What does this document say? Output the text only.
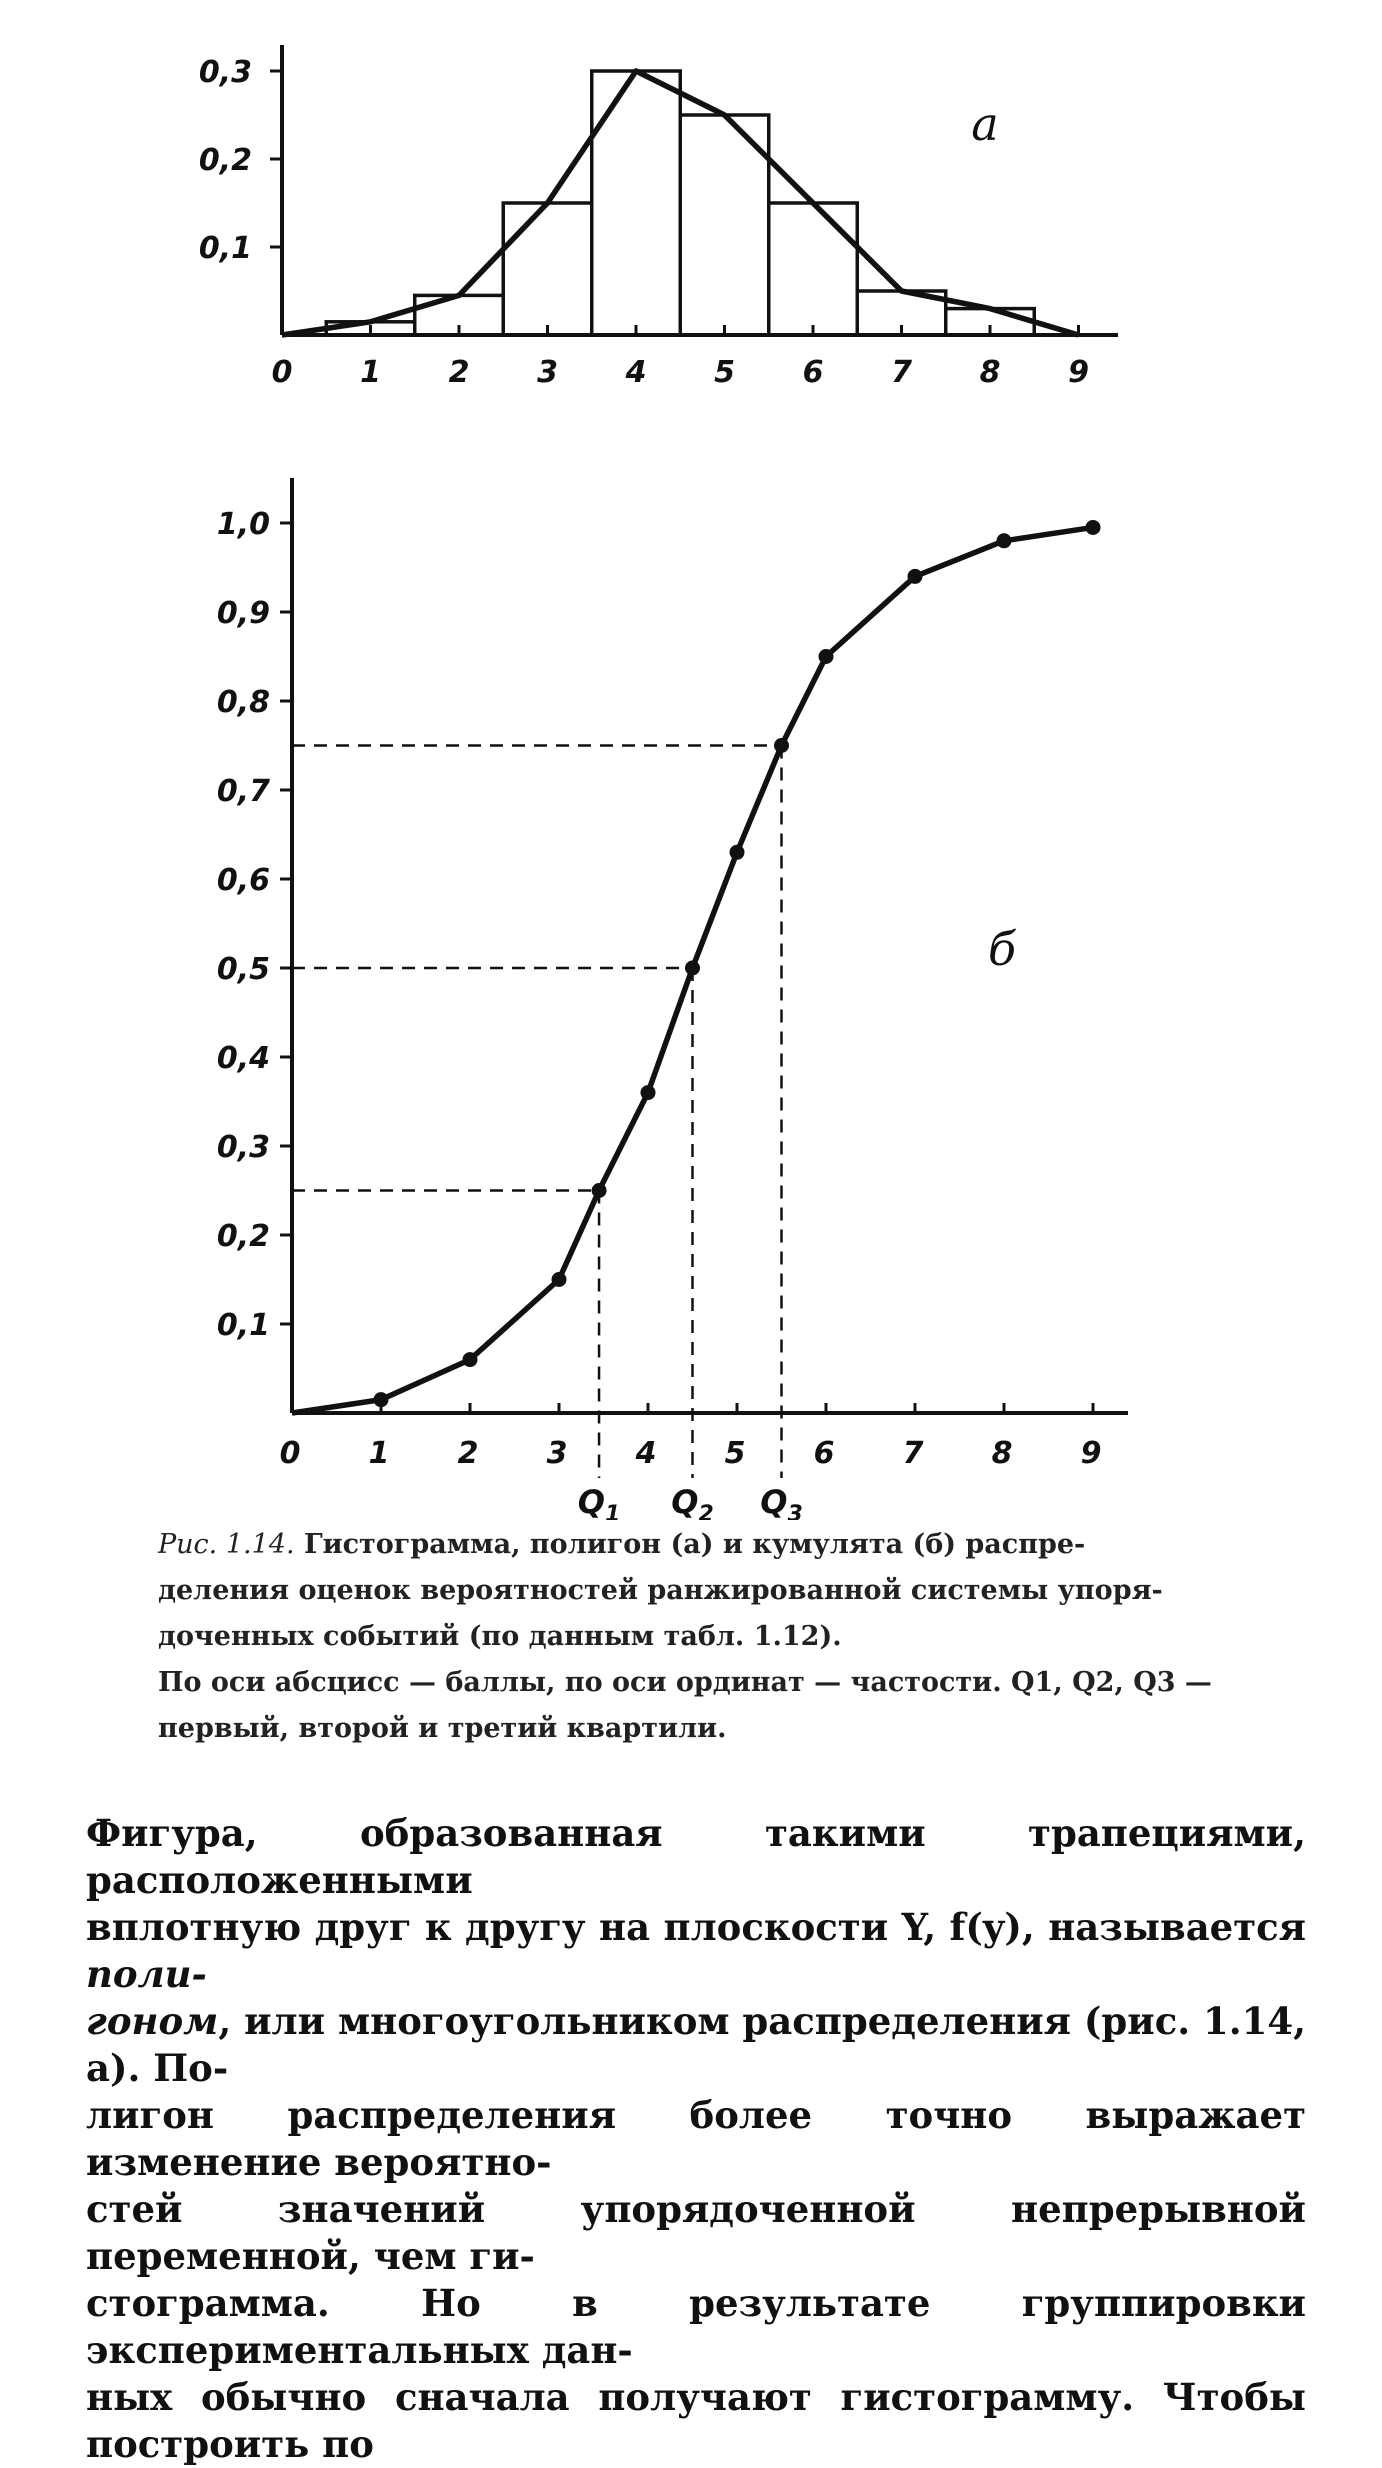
0 1 2 3 4 5 6 7 8 9
0,1
0,2
0,3
a
$Q_1$ $Q_2$ $Q_3$
0 1 2 3 4 5 6 7 8 9
0,1
0,2
0,3
0,4
0,5
0,6
0,7
0,8
0,9
1,0
б

Рис. 1.14. Гистограмма, полигон (а) и кумулята (б) распре-

деления оценок вероятностей ранжированной системы упоря-

доченных событий (по данным табл. 1.12).

По оси абсцисс — баллы, по оси ординат — частости. Q1, Q2, Q3 —

первый, второй и третий квартили.

Фигура, образованная такими трапециями, расположенными

вплотную друг к другу на плоскости Y, f(y), называется поли-

гоном, или многоугольником распределения (рис. 1.14, а). По-

лигон распределения более точно выражает изменение вероятно-

стей значений упорядоченной непрерывной переменной, чем ги-

стограмма. Но в результате группировки экспериментальных дан-

ных обычно сначала получают гистограмму. Чтобы построить по
